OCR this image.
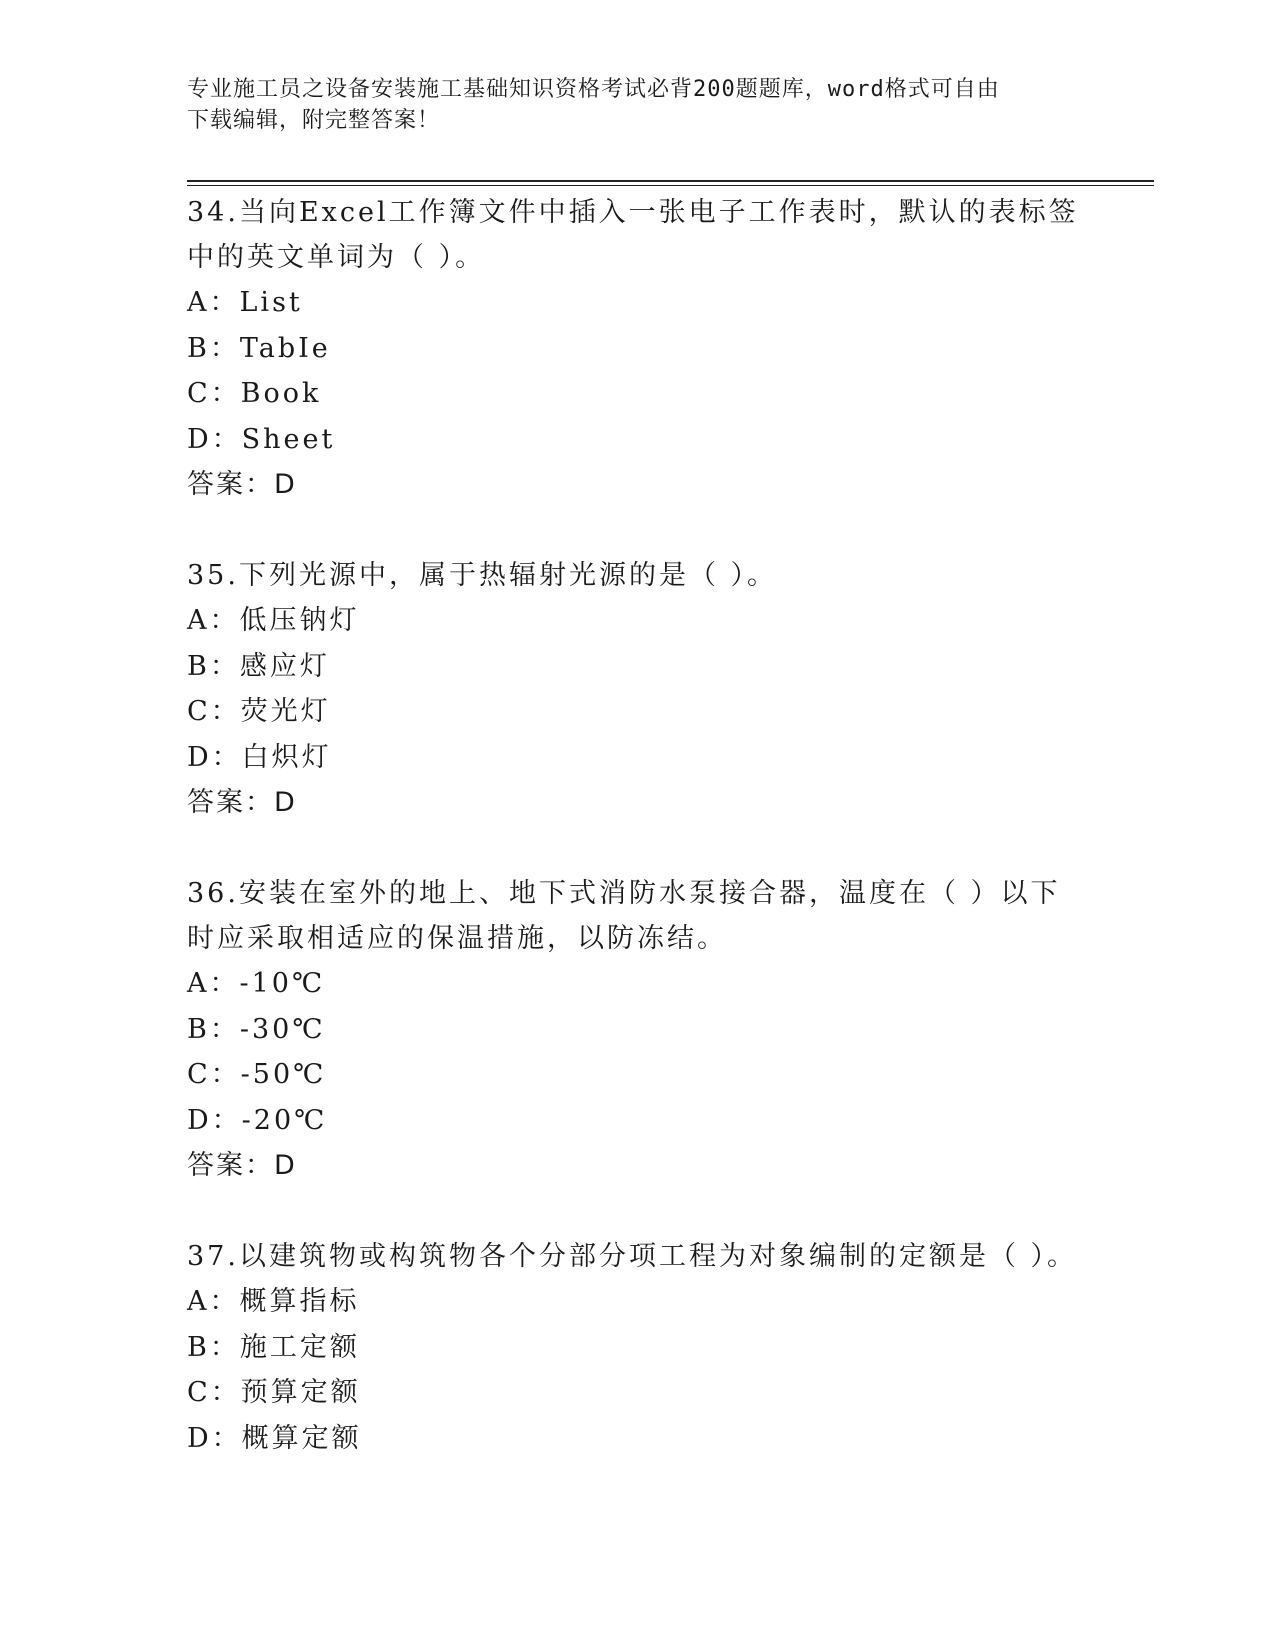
专业施工员之设备安装施工基础知识资格考试必背200题题库，word格式可自由
下载编辑，附完整答案！

34.当向Excel工作簿文件中插入一张电子工作表时，默认的表标签中的英文单词为（ ）。

A：List

B：TabIe

C：Book

D：Sheet

答案：D

35.下列光源中，属于热辐射光源的是（ ）。

A：低压钠灯

B：感应灯

C：荧光灯

D：白炽灯

答案：D

36.安装在室外的地上、地下式消防水泵接合器，温度在（ ）以下时应采取相适应的保温措施，以防冻结。

A：-10℃

B：-30℃

C：-50℃

D：-20℃

答案：D

37.以建筑物或构筑物各个分部分项工程为对象编制的定额是（ ）。

A：概算指标

B：施工定额

C：预算定额

D：概算定额
